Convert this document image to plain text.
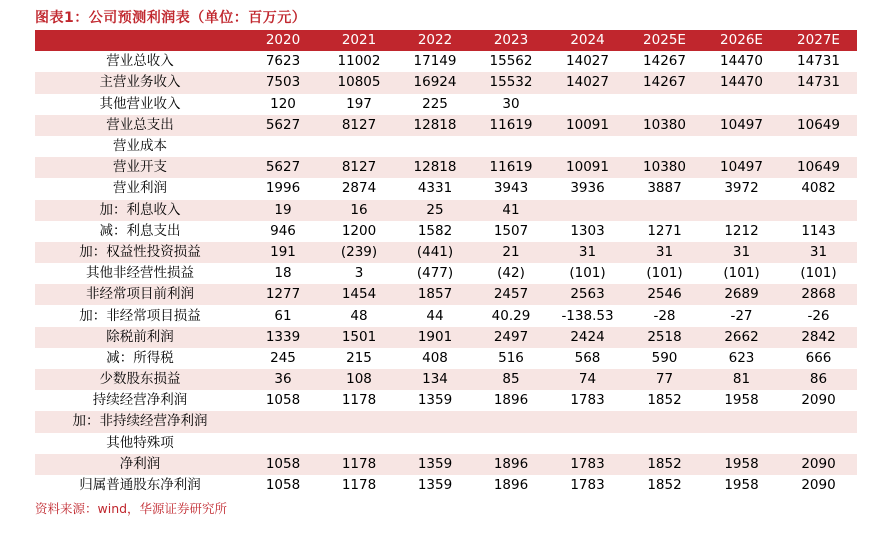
图表1：公司预测利润表（单位：百万元）
	2020	2021	2022	2023	2024	2025E	2026E	2027E
营业总收入	7623	11002	17149	15562	14027	14267	14470	14731
主营业务收入	7503	10805	16924	15532	14027	14267	14470	14731
其他营业收入	120	197	225	30				
营业总支出	5627	8127	12818	11619	10091	10380	10497	10649
营业成本								
营业开支	5627	8127	12818	11619	10091	10380	10497	10649
营业利润	1996	2874	4331	3943	3936	3887	3972	4082
加：利息收入	19	16	25	41				
减：利息支出	946	1200	1582	1507	1303	1271	1212	1143
加：权益性投资损益	191	(239)	(441)	21	31	31	31	31
其他非经营性损益	18	3	(477)	(42)	(101)	(101)	(101)	(101)
非经常项目前利润	1277	1454	1857	2457	2563	2546	2689	2868
加：非经常项目损益	61	48	44	40.29	-138.53	-28	-27	-26
除税前利润	1339	1501	1901	2497	2424	2518	2662	2842
减：所得税	245	215	408	516	568	590	623	666
少数股东损益	36	108	134	85	74	77	81	86
持续经营净利润	1058	1178	1359	1896	1783	1852	1958	2090
加：非持续经营净利润								
其他特殊项								
净利润	1058	1178	1359	1896	1783	1852	1958	2090
归属普通股东净利润	1058	1178	1359	1896	1783	1852	1958	2090
资料来源：wind，华源证券研究所
